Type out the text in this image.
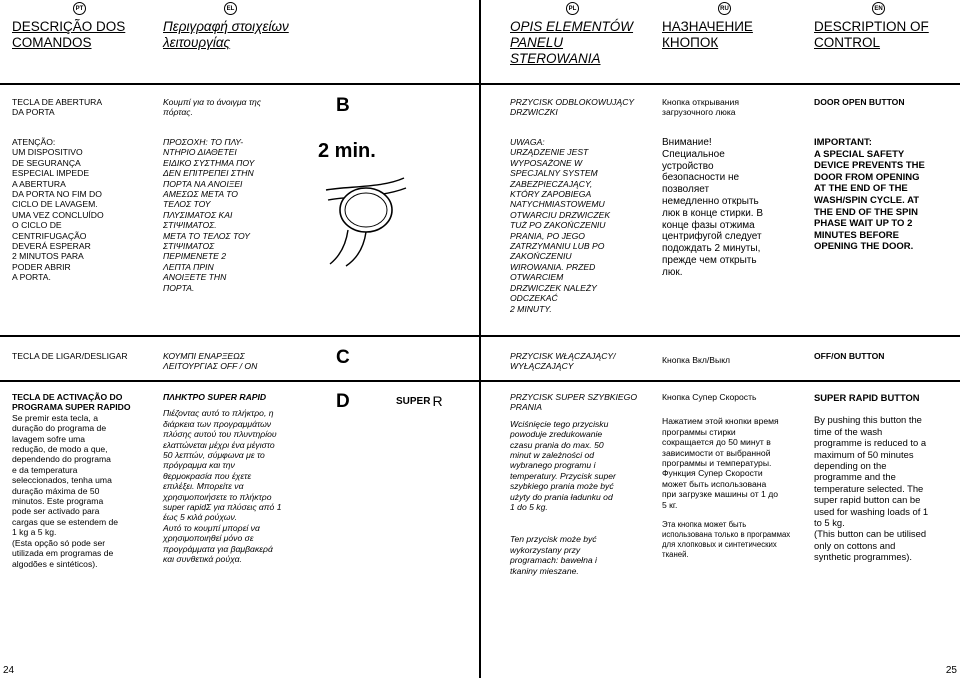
PT	EL	PL	RU	EN
DESCRIÇÃO DOS
COMANDOS
Περιγραφή στοιχείων
λειτουργίας
OPIS ELEMENTÓW
PANELU
STEROWANIA
НАЗНАЧЕНИЕ
КНОПОК
DESCRIPTION OF
CONTROL
TECLA DE ABERTURA
DA PORTA
Κουμπί για το άνοιγμα της
πόρτας.	B	PRZYCISK ODBLOKOWUJĄCY
DRZWICZKI
Кнопка открывания
загрузочного люка
DOOR OPEN BUTTON
ATENÇÃO:
UM DISPOSITIVO
DE SEGURANÇA
ESPECIAL IMPEDE
A ABERTURA
DA PORTA NO FIM DO
CICLO DE LAVAGEM.
UMA VEZ CONCLUÍDO
O CICLO DE
CENTRIFUGAÇÃO
DEVERÁ ESPERAR
2 MINUTOS PARA
PODER ABRIR
A PORTA.
ΠΡΟΣΟΧΗ: ΤΟ ΠΛΥ-
ΝΤΗΡΙΟ ΔΙΑΘΕΤΕΙ
ΕΙΔΙΚΟ ΣΥΣΤΗΜΑ ΠΟΥ
ΔΕΝ ΕΠΙΤΡΕΠΕΙ ΣΤΗΝ
ΠΟΡΤΑ ΝΑ ΑΝΟΙΞΕΙ
ΑΜΕΣΩΣ ΜΕΤΑ ΤΟ
ΤΕΛΟΣ ΤΟΥ
ΠΛΥΣΙΜΑΤΟΣ ΚΑΙ
ΣΤΙΨΙΜΑΤΟΣ.
ΜΕΤΑ ΤΟ ΤΕΛΟΣ ΤΟΥ
ΣΤΙΨΙΜΑΤΟΣ
ΠΕΡΙΜΕΝΕΤΕ 2
ΛΕΠΤΑ ΠΡΙΝ
ΑΝΟΙΞΕΤΕ ΤΗΝ
ΠΟΡΤΑ.
2 min.	UWAGA:
URZĄDZENIE JEST
WYPOSAŻONE W
SPECJALNY SYSTEM
ZABEZPIECZAJĄCY,
KTÓRY ZAPOBIEGA
NATYCHMIASTOWEMU
OTWARCIU DRZWICZEK
TUŻ PO ZAKOŃCZENIU
PRANIA, PO JEGO
ZATRZYMANIU LUB PO
ZAKOŃCZENIU
WIROWANIA. PRZED
OTWARCIEM
DRZWICZEK NALEŻY
ODCZEKAĆ
2 MINUTY.
Внимание!
Специальное
устройство
безопасности не
позволяет
немедленно открыть
люк в конце стирки. В
конце фазы отжима
центрифугой следует
подождать 2 минуты,
прежде чем открыть
люк.
IMPORTANT:
A SPECIAL SAFETY
DEVICE PREVENTS THE
DOOR FROM OPENING
AT THE END OF THE
WASH/SPIN CYCLE. AT
THE END OF THE SPIN
PHASE WAIT UP TO 2
MINUTES BEFORE
OPENING THE DOOR.
TECLA DE LIGAR/DESLIGAR	ΚΟΥΜΠΙ ΕΝΑΡΞΕΩΣ
ΛΕΙΤΟΥΡΓΙΑΣ OFF / ON	C	PRZYCISK WŁĄCZAJĄCY/
WYŁĄCZAJĄCY
Кнопка Вкл/Выкл	OFF/ON BUTTON
TECLA DE ACTIVAÇÃO DO
PROGRAMA SUPER RAPIDO
Se premir esta tecla, a
duração do programa de
lavagem sofre uma
redução, de modo a que,
dependendo do programa
e da temperatura
seleccionados, tenha uma
duração máxima de 50
minutos. Este programa
pode ser activado para
cargas que se estendem de
1 kg a 5 kg.
(Esta opção só pode ser
utilizada em programas de
algodões e sintéticos).
ΠΛΗΚΤΡΟ SUPER RAPID
Πιέζοντας αυτό το πλήκτρο, η
διάρκεια των προγραμμάτων
πλύσης αυτού του πλυντηρίου
ελαττώνεται μέχρι ένα μέγιστο
50 λεπτών, σύμφωνα με το
πρόγραμμα και την
θερμοκρασία που έχετε
επιλέξει. Μπορείτε να
χρησιμοποιήσετε το πλήκτρο
super rapidΣ για πλύσεις από 1
έως 5 κιλά ρούχων.
Αυτό το κουμπί μπορεί να
χρησιμοποιηθεί μόνο σε
προγράμματα για βαμβακερά
και συνθετικά ρούχα.
D	SUPER R	PRZYCISK SUPER SZYBKIEGO
PRANIA
Wciśnięcie tego przycisku
powoduje zredukowanie
czasu prania do max. 50
minut w zależności od
wybranego programu i
temperatury. Przycisk super
szybkiego prania może być
użyty do prania ładunku od
1 do 5 kg.
Ten przycisk może być
wykorzystany przy
programach: bawełna i
tkaniny mieszane.
Кнопка Супер Скорость
Нажатием этой кнопки время
программы стирки
сокращается до 50 минут в
зависимости от выбранной
программы и температуры.
Функция Супер Скорости
может быть использована
при загрузке машины от 1 до
5 кг.
Эта кнопка может быть
использована только в программах
для хлопковых и синтетических
тканей.
SUPER RAPID BUTTON
By pushing this button the
time of the wash
programme is reduced to a
maximum of 50 minutes
depending on the
programme and the
temperature selected. The
super rapid button can be
used for washing loads of 1
to 5 kg.
(This button can be utilised
only on cottons and
synthetic programmes).
24	25
